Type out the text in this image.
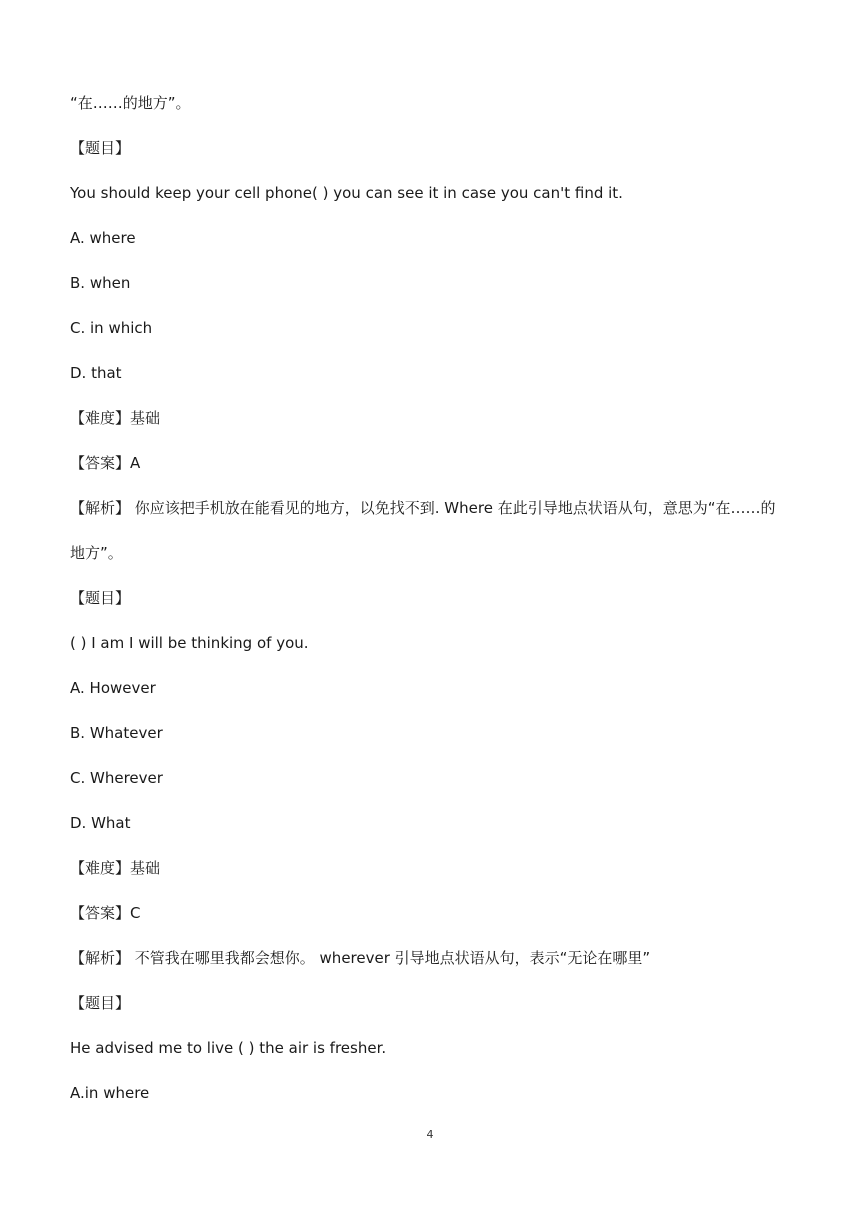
“在……的地方”。
【题目】
You should keep your cell phone( ) you can see it in case you can't find it.
A. where
B. when
C. in which
D. that
【难度】基础
【答案】A
【解析】 你应该把手机放在能看见的地方，以免找不到. Where 在此引导地点状语从句，意思为“在……的
地方”。
【题目】
( ) I am I will be thinking of you.
A. However
B. Whatever
C. Wherever
D. What
【难度】基础
【答案】C
【解析】 不管我在哪里我都会想你。 wherever 引导地点状语从句，表示“无论在哪里”
【题目】
He advised me to live ( ) the air is fresher.
A.in where
4
